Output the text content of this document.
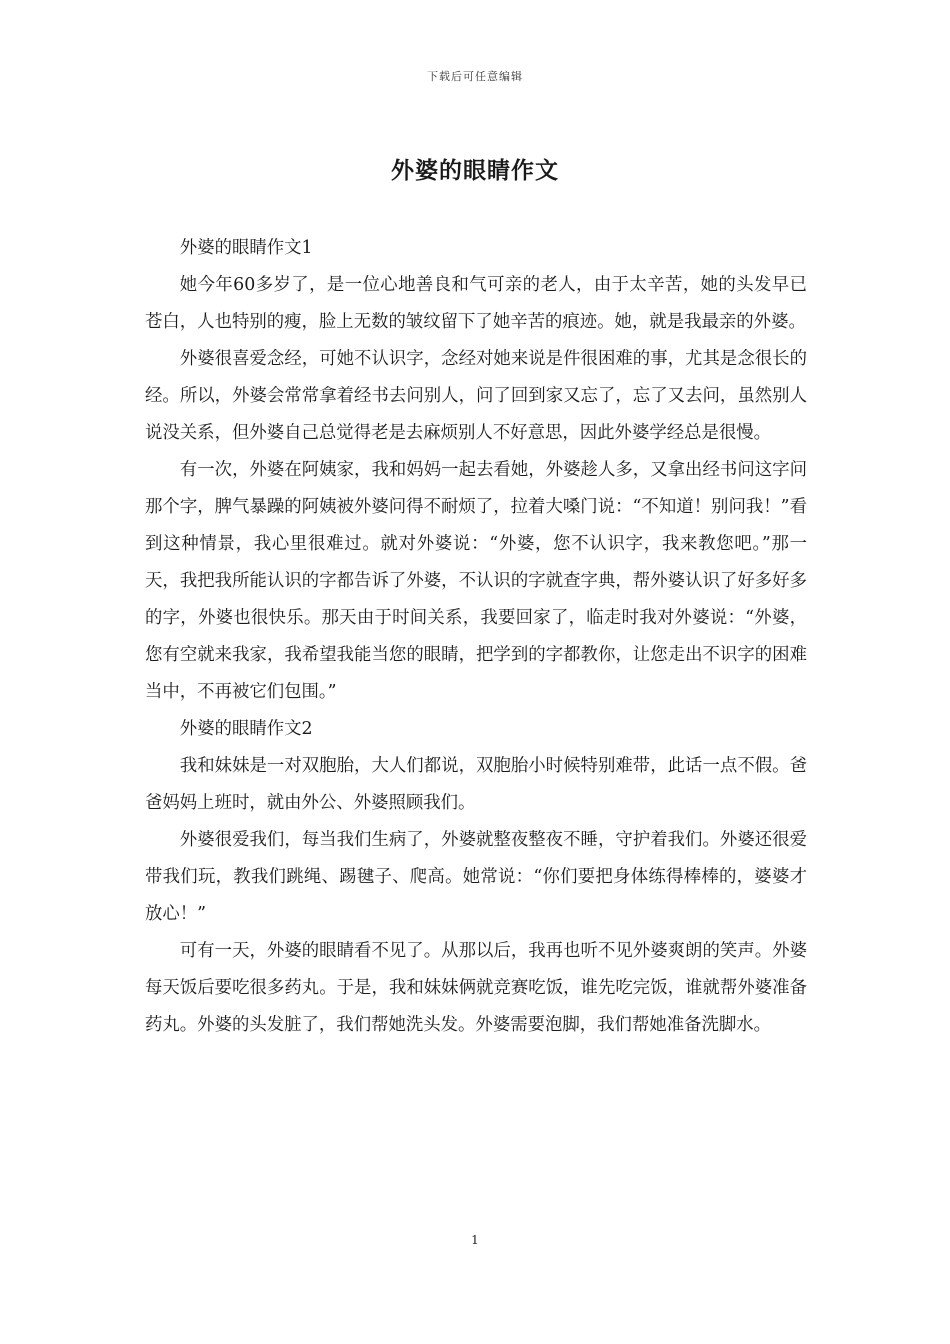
下载后可任意编辑
外婆的眼睛作文

外婆的眼睛作文1

她今年60多岁了，是一位心地善良和气可亲的老人，由于太辛苦，她的头发早已苍白，人也特别的瘦，脸上无数的皱纹留下了她辛苦的痕迹。她，就是我最亲的外婆。

外婆很喜爱念经，可她不认识字，念经对她来说是件很困难的事，尤其是念很长的经。所以，外婆会常常拿着经书去问别人，问了回到家又忘了，忘了又去问，虽然别人说没关系，但外婆自己总觉得老是去麻烦别人不好意思，因此外婆学经总是很慢。

有一次，外婆在阿姨家，我和妈妈一起去看她，外婆趁人多，又拿出经书问这字问那个字，脾气暴躁的阿姨被外婆问得不耐烦了，拉着大嗓门说：“不知道！别问我！”看到这种情景，我心里很难过。就对外婆说：“外婆，您不认识字，我来教您吧。”那一天，我把我所能认识的字都告诉了外婆，不认识的字就查字典，帮外婆认识了好多好多的字，外婆也很快乐。那天由于时间关系，我要回家了，临走时我对外婆说：“外婆，您有空就来我家，我希望我能当您的眼睛，把学到的字都教你，让您走出不识字的困难当中，不再被它们包围。”

外婆的眼睛作文2

我和妹妹是一对双胞胎，大人们都说，双胞胎小时候特别难带，此话一点不假。爸爸妈妈上班时，就由外公、外婆照顾我们。

外婆很爱我们，每当我们生病了，外婆就整夜整夜不睡，守护着我们。外婆还很爱带我们玩，教我们跳绳、踢毽子、爬高。她常说：“你们要把身体练得棒棒的，婆婆才放心！”

可有一天，外婆的眼睛看不见了。从那以后，我再也听不见外婆爽朗的笑声。外婆每天饭后要吃很多药丸。于是，我和妹妹俩就竞赛吃饭，谁先吃完饭，谁就帮外婆准备药丸。外婆的头发脏了，我们帮她洗头发。外婆需要泡脚，我们帮她准备洗脚水。

1
